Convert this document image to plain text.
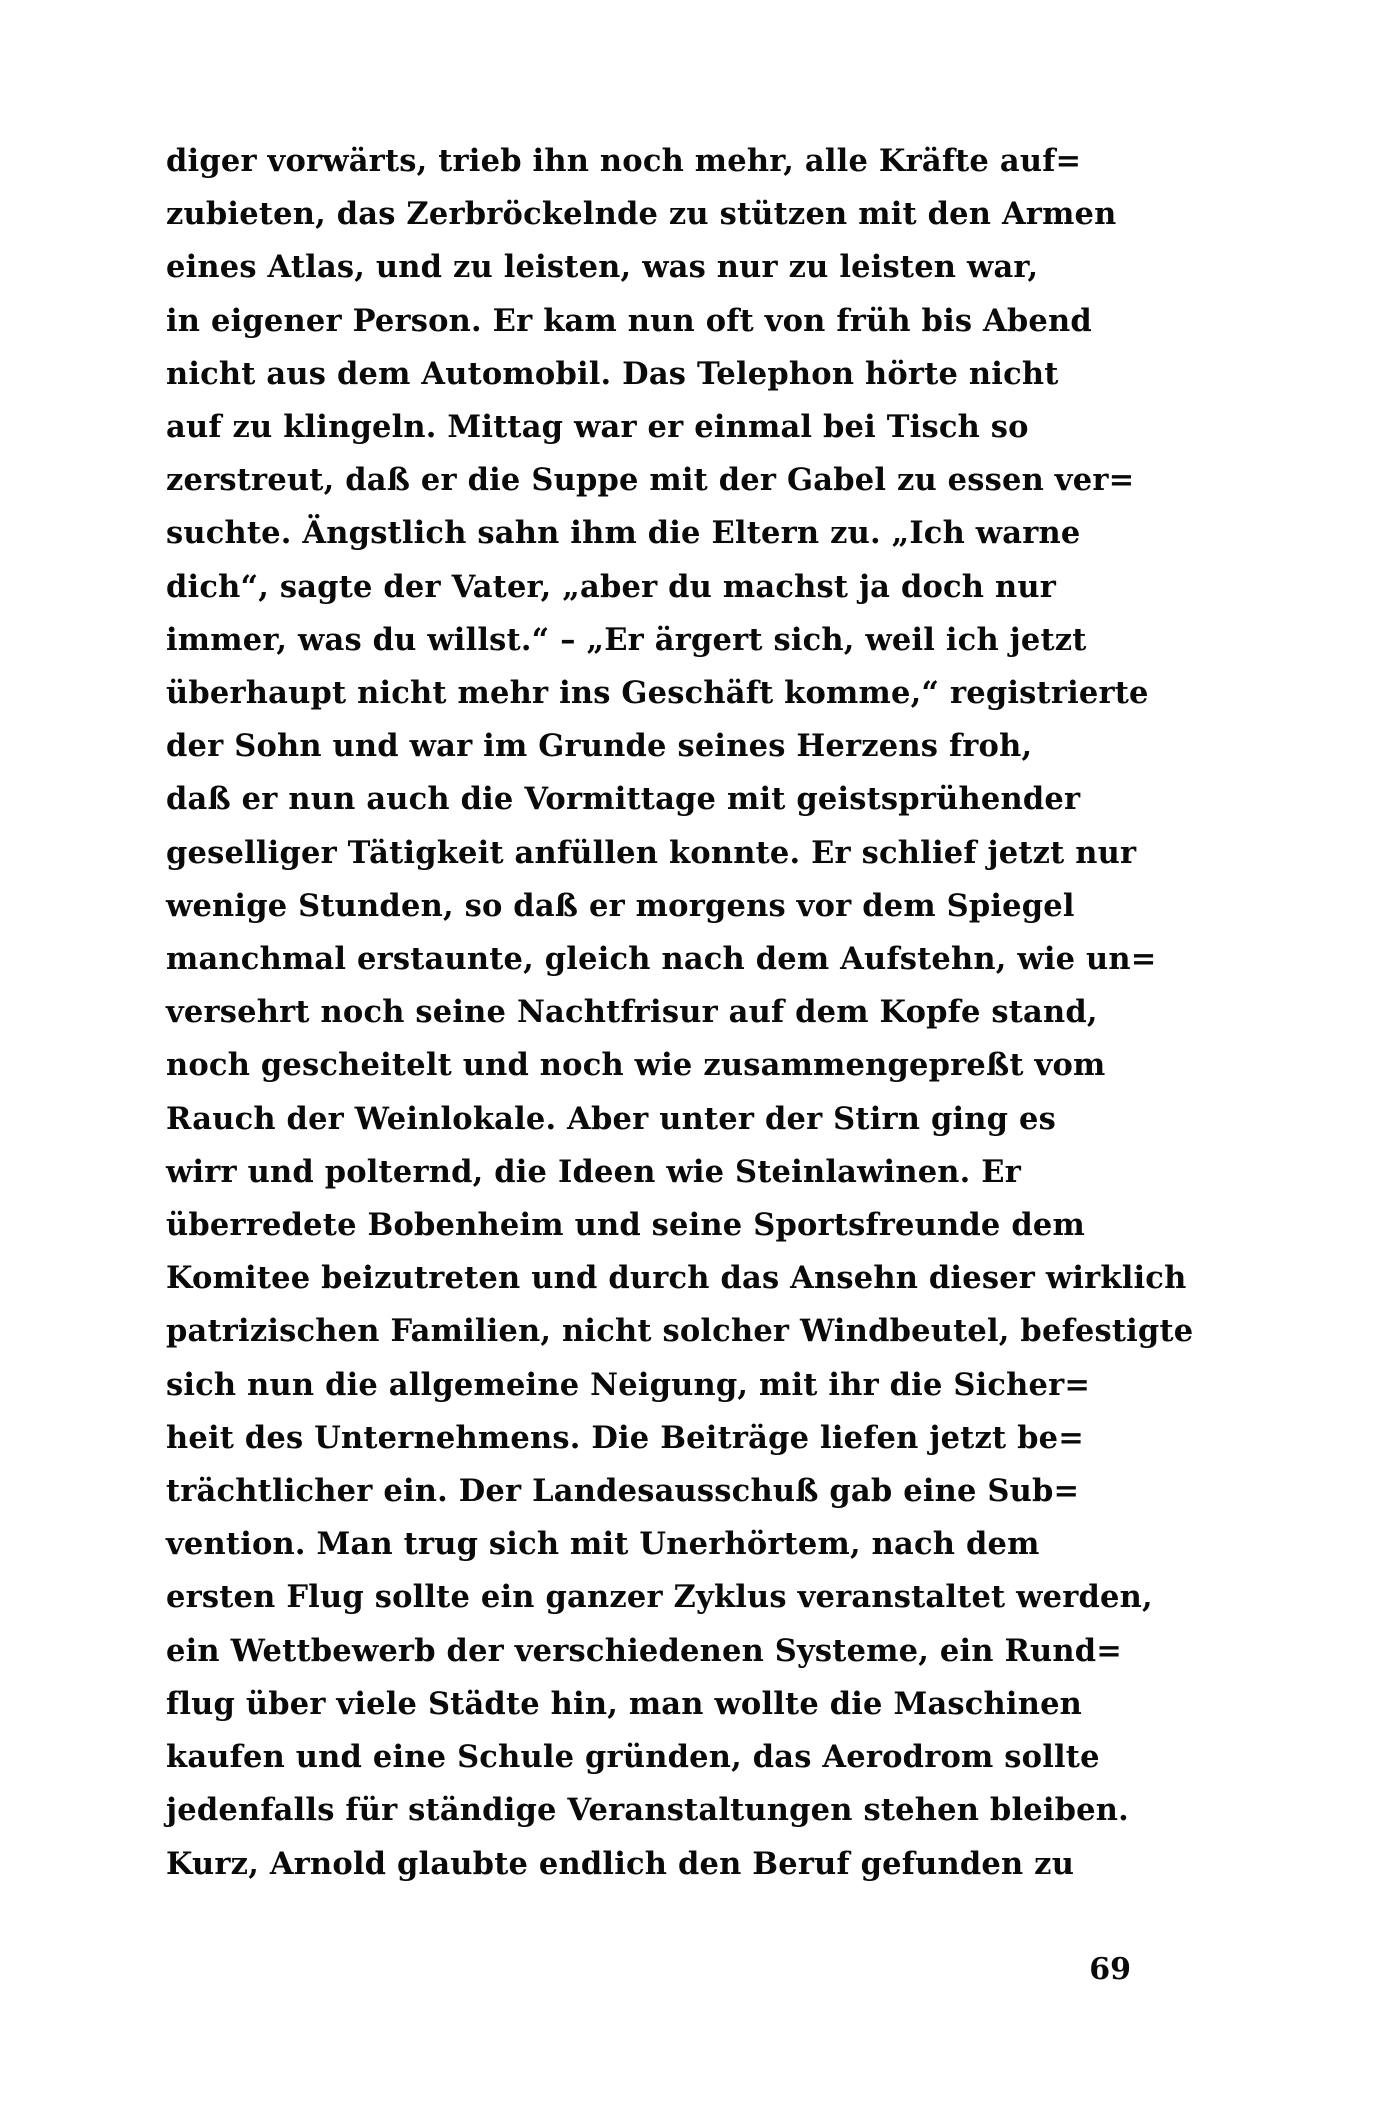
diger vorwärts, trieb ihn noch mehr, alle Kräfte auf=
zubieten, das Zerbröckelnde zu stützen mit den Armen
eines Atlas, und zu leisten, was nur zu leisten war,
in eigener Person. Er kam nun oft von früh bis Abend
nicht aus dem Automobil. Das Telephon hörte nicht
auf zu klingeln. Mittag war er einmal bei Tisch so
zerstreut, daß er die Suppe mit der Gabel zu essen ver=
suchte. Ängstlich sahn ihm die Eltern zu. „Ich warne
dich“, sagte der Vater, „aber du machst ja doch nur
immer, was du willst.“ – „Er ärgert sich, weil ich jetzt
überhaupt nicht mehr ins Geschäft komme,“ registrierte
der Sohn und war im Grunde seines Herzens froh,
daß er nun auch die Vormittage mit geistsprühender
geselliger Tätigkeit anfüllen konnte. Er schlief jetzt nur
wenige Stunden, so daß er morgens vor dem Spiegel
manchmal erstaunte, gleich nach dem Aufstehn, wie un=
versehrt noch seine Nachtfrisur auf dem Kopfe stand,
noch gescheitelt und noch wie zusammengepreßt vom
Rauch der Weinlokale. Aber unter der Stirn ging es
wirr und polternd, die Ideen wie Steinlawinen. Er
überredete Bobenheim und seine Sportsfreunde dem
Komitee beizutreten und durch das Ansehn dieser wirklich
patrizischen Familien, nicht solcher Windbeutel, befestigte
sich nun die allgemeine Neigung, mit ihr die Sicher=
heit des Unternehmens. Die Beiträge liefen jetzt be=
trächtlicher ein. Der Landesausschuß gab eine Sub=
vention. Man trug sich mit Unerhörtem, nach dem
ersten Flug sollte ein ganzer Zyklus veranstaltet werden,
ein Wettbewerb der verschiedenen Systeme, ein Rund=
flug über viele Städte hin, man wollte die Maschinen
kaufen und eine Schule gründen, das Aerodrom sollte
jedenfalls für ständige Veranstaltungen stehen bleiben.
Kurz, Arnold glaubte endlich den Beruf gefunden zu
69
